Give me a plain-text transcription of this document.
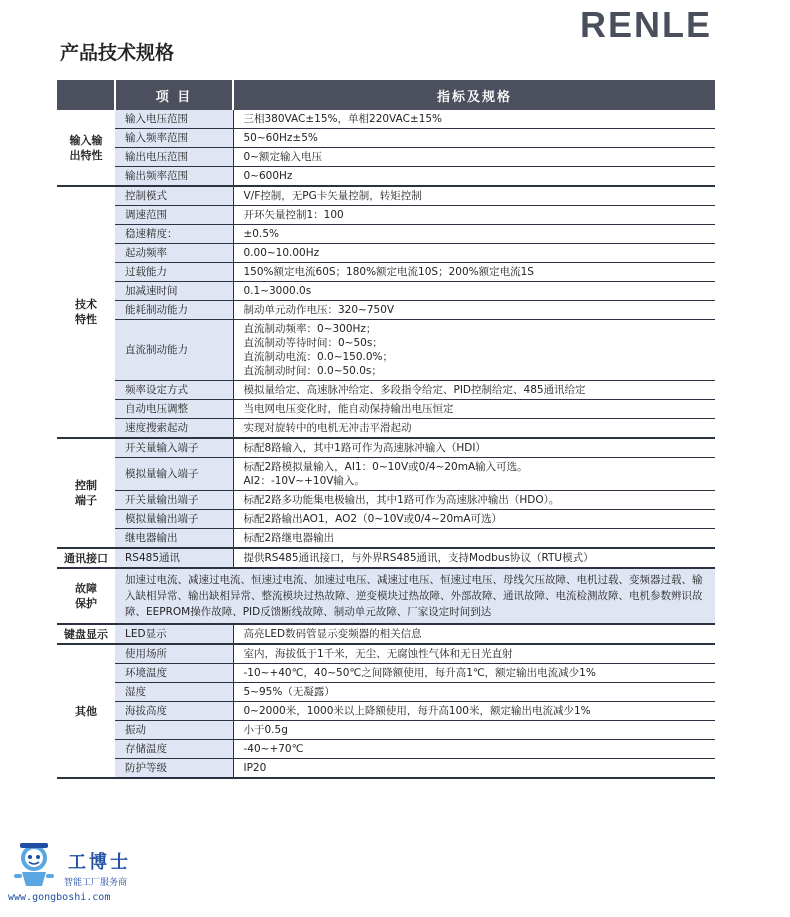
RENLE
产品技术规格
	项 目	指标及规格
输入输
出特性	输入电压范围	三相380VAC±15%，单相220VAC±15%
	输入频率范围	50~60Hz±5%
	输出电压范围	0~额定输入电压
	输出频率范围	0~600Hz
技术
特性	控制模式	V/F控制，无PG卡矢量控制，转矩控制
	调速范围	开环矢量控制1：100
	稳速精度：	±0.5%
	起动频率	0.00~10.00Hz
	过载能力	150%额定电流60S；180%额定电流10S；200%额定电流1S
	加减速时间	0.1~3000.0s
	能耗制动能力	制动单元动作电压：320~750V
	直流制动能力	直流制动频率：0~300Hz；
直流制动等待时间：0~50s；
直流制动电流：0.0~150.0%；
直流制动时间：0.0~50.0s；
	频率设定方式	模拟量给定、高速脉冲给定、多段指令给定、PID控制给定、485通讯给定
	自动电压调整	当电网电压变化时，能自动保持输出电压恒定
	速度搜索起动	实现对旋转中的电机无冲击平滑起动
控制
端子	开关量输入端子	标配8路输入，其中1路可作为高速脉冲输入（HDI）
	模拟量输入端子	标配2路模拟量输入，AI1：0~10V或0/4~20mA输入可选。
AI2：-10V~+10V输入。
	开关量输出端子	标配2路多功能集电极输出，其中1路可作为高速脉冲输出（HDO）。
	模拟量输出端子	标配2路输出AO1，AO2（0~10V或0/4~20mA可选）
	继电器输出	标配2路继电器输出
通讯接口	RS485通讯	提供RS485通讯接口，与外界RS485通讯，支持Modbus协议（RTU模式）
故障
保护	加速过电流、减速过电流、恒速过电流、加速过电压、减速过电压、恒速过电压、母线欠压故障、电机过载、变频器过载、输入缺相异常、输出缺相异常、整流模块过热故障、逆变模块过热故障、外部故障、通讯故障、电流检测故障、电机参数辨识故障、EEPROM操作故障、PID反馈断线故障、制动单元故障、厂家设定时间到达	
键盘显示	LED显示	高亮LED数码管显示变频器的相关信息
其他	使用场所	室内，海拔低于1千米，无尘、无腐蚀性气体和无日光直射
	环境温度	-10~+40℃，40~50℃之间降额使用，每升高1℃，额定输出电流减少1%
	湿度	5~95%（无凝露）
	海拔高度	0~2000米，1000米以上降额使用，每升高100米，额定输出电流减少1%
	振动	小于0.5g
	存储温度	-40~+70℃
	防护等级	IP20
工博士
智能工厂服务商
www.gongboshi.com
